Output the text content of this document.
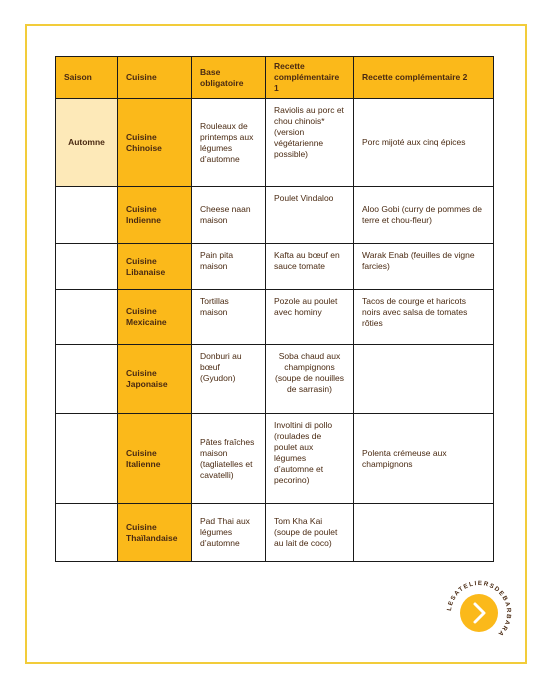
Saison	Cuisine	Base obligatoire	Recette complémentaire 1	Recette complémentaire 2
Automne	Cuisine Chinoise	Rouleaux de printemps aux légumes d’automne	Raviolis au porc et chou chinois* (version végétarienne possible)	Porc mijoté aux cinq épices
	Cuisine Indienne	Cheese naan maison	Poulet Vindaloo	Aloo Gobi (curry de pommes de terre et chou-fleur)
	Cuisine Libanaise	Pain pita maison	Kafta au bœuf en sauce tomate	Warak Enab (feuilles de vigne farcies)
	Cuisine Mexicaine	Tortillas maison	Pozole au poulet avec hominy	Tacos de courge et haricots noirs avec salsa de tomates rôties
	Cuisine Japonaise	Donburi au bœuf (Gyudon)	Soba chaud aux champignons (soupe de nouilles de sarrasin)	
	Cuisine Italienne	Pâtes fraîches maison (tagliatelles et cavatelli)	Involtini di pollo (roulades de poulet aux légumes d’automne et pecorino)	Polenta crémeuse aux champignons
	Cuisine Thaïlandaise	Pad Thai aux légumes d’automne	Tom Kha Kai (soupe de poulet au lait de coco)	
LESATELIERSDEBARBARA
